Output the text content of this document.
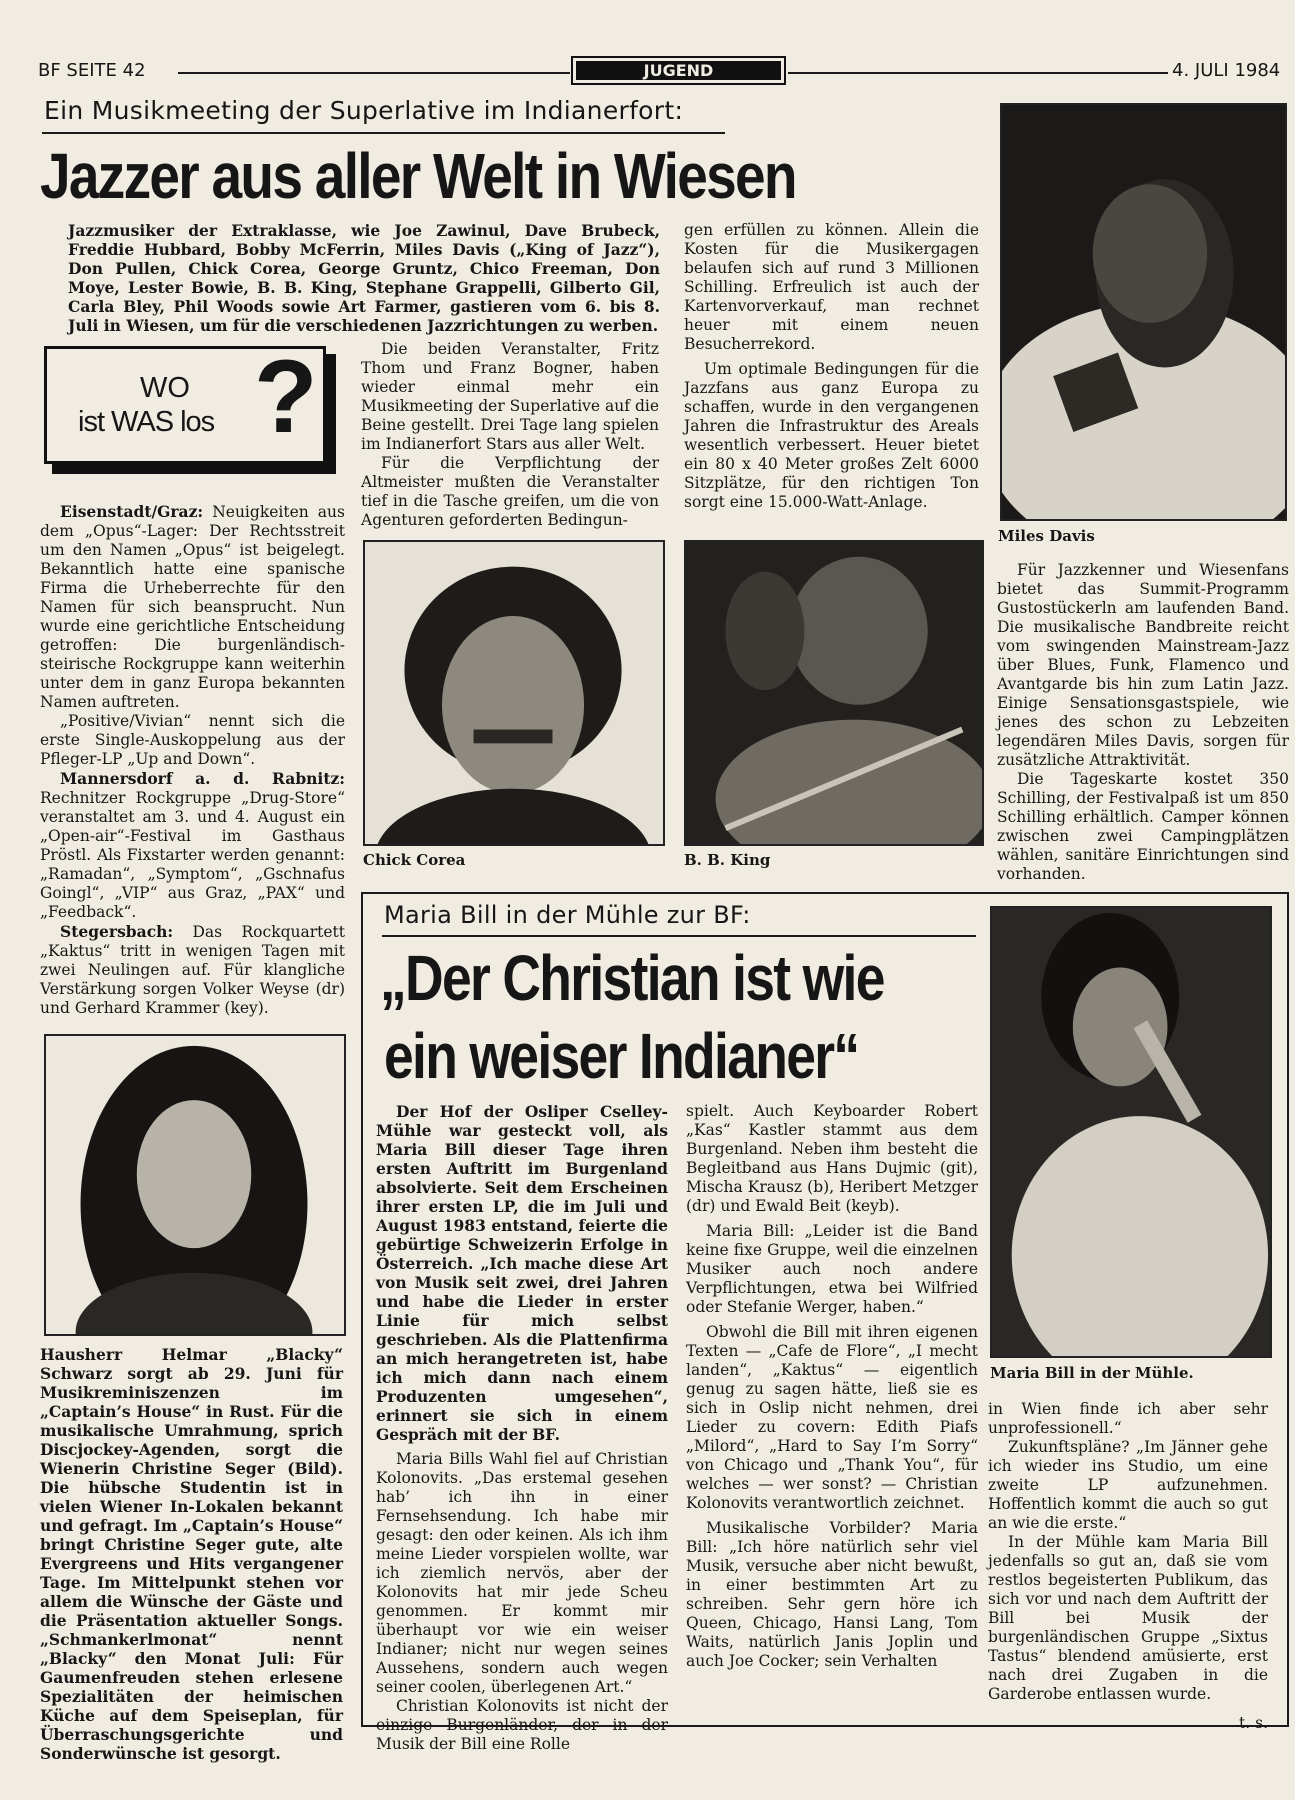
BF SEITE 42	JUGEND	4. JULI 1984
Ein Musikmeeting der Superlative im Indianerfort:
Jazzer aus aller Welt in Wiesen
Jazzmusiker der Extraklasse, wie Joe Zawinul, Dave Brubeck, Freddie Hubbard, Bobby McFerrin, Miles Davis („King of Jazz“), Don Pullen, Chick Corea, George Gruntz, Chico Freeman, Don Moye, Lester Bowie, B. B. King, Stephane Grappelli, Gilberto Gil, Carla Bley, Phil Woods sowie Art Farmer, gastieren vom 6. bis 8. Juli in Wiesen, um für die verschiedenen Jazzrichtungen zu werben.

Die beiden Veranstalter, Fritz Thom und Franz Bogner, haben wieder einmal mehr ein Musikmeeting der Superlative auf die Beine gestellt. Drei Tage lang spielen im Indianerfort Stars aus aller Welt.

Für die Verpflichtung der Altmeister mußten die Veranstalter tief in die Tasche greifen, um die von Agenturen geforderten Bedingun-

gen erfüllen zu können. Allein die Kosten für die Musikergagen belaufen sich auf rund 3 Millionen Schilling. Erfreulich ist auch der Kartenvorverkauf, man rechnet heuer mit einem neuen Besucherrekord.

Um optimale Bedingungen für die Jazzfans aus ganz Europa zu schaffen, wurde in den vergangenen Jahren die Infrastruktur des Areals wesentlich verbessert. Heuer bietet ein 80 x 40 Meter großes Zelt 6000 Sitzplätze, für den richtigen Ton sorgt eine 15.000-Watt-Anlage.

Miles Davis

Für Jazzkenner und Wiesenfans bietet das Summit-Programm Gustostückerln am laufenden Band. Die musikalische Bandbreite reicht vom swingenden Mainstream-Jazz über Blues, Funk, Flamenco und Avantgarde bis hin zum Latin Jazz. Einige Sensationsgastspiele, wie jenes des schon zu Lebzeiten legendären Miles Davis, sorgen für zusätzliche Attraktivität.

Die Tageskarte kostet 350 Schilling, der Festivalpaß ist um 850 Schilling erhältlich. Camper können zwischen zwei Campingplätzen wählen, sanitäre Einrichtungen sind vorhanden.

Chick Corea	B. B. King
WO
ist WAS los ?

Eisenstadt/Graz: Neuigkeiten aus dem „Opus“-Lager: Der Rechtsstreit um den Namen „Opus“ ist beigelegt. Bekanntlich hatte eine spanische Firma die Urheberrechte für den Namen für sich beansprucht. Nun wurde eine gerichtliche Entscheidung getroffen: Die burgenländisch-steirische Rockgruppe kann weiterhin unter dem in ganz Europa bekannten Namen auftreten.

„Positive/Vivian“ nennt sich die erste Single-Auskoppelung aus der Pfleger-LP „Up and Down“.

Mannersdorf a. d. Rabnitz: Rechnitzer Rockgruppe „Drug-Store“ veranstaltet am 3. und 4. August ein „Open-air“-Festival im Gasthaus Pröstl. Als Fixstarter werden genannt: „Ramadan“, „Symptom“, „Gschnafus Goingl“, „VIP“ aus Graz, „PAX“ und „Feedback“.

Stegersbach: Das Rockquartett „Kaktus“ tritt in wenigen Tagen mit zwei Neulingen auf. Für klangliche Verstärkung sorgen Volker Weyse (dr) und Gerhard Krammer (key).

Hausherr Helmar „Blacky“ Schwarz sorgt ab 29. Juni für Musikreminiszenzen im „Captain’s House“ in Rust. Für die musikalische Umrahmung, sprich Discjockey-Agenden, sorgt die Wienerin Christine Seger (Bild). Die hübsche Studentin ist in vielen Wiener In-Lokalen bekannt und gefragt. Im „Captain’s House“ bringt Christine Seger gute, alte Evergreens und Hits vergangener Tage. Im Mittelpunkt stehen vor allem die Wünsche der Gäste und die Präsentation aktueller Songs. „Schmankerlmonat“ nennt „Blacky“ den Monat Juli: Für Gaumenfreuden stehen erlesene Spezialitäten der heimischen Küche auf dem Speiseplan, für Überraschungsgerichte und Sonderwünsche ist gesorgt.
Maria Bill in der Mühle zur BF:
„Der Christian ist wie
ein weiser Indianer“

Der Hof der Osliper Cselley-Mühle war gesteckt voll, als Maria Bill dieser Tage ihren ersten Auftritt im Burgenland absolvierte. Seit dem Erscheinen ihrer ersten LP, die im Juli und August 1983 entstand, feierte die gebürtige Schweizerin Erfolge in Österreich. „Ich mache diese Art von Musik seit zwei, drei Jahren und habe die Lieder in erster Linie für mich selbst geschrieben. Als die Plattenfirma an mich herangetreten ist, habe ich mich dann nach einem Produzenten umgesehen“, erinnert sie sich in einem Gespräch mit der BF.

Maria Bills Wahl fiel auf Christian Kolonovits. „Das erstemal gesehen hab’ ich ihn in einer Fernsehsendung. Ich habe mir gesagt: den oder keinen. Als ich ihm meine Lieder vorspielen wollte, war ich ziemlich nervös, aber der Kolonovits hat mir jede Scheu genommen. Er kommt mir überhaupt vor wie ein weiser Indianer; nicht nur wegen seines Aussehens, sondern auch wegen seiner coolen, überlegenen Art.“

Christian Kolonovits ist nicht der einzige Burgenländer, der in der Musik der Bill eine Rolle

spielt. Auch Keyboarder Robert „Kas“ Kastler stammt aus dem Burgenland. Neben ihm besteht die Begleitband aus Hans Dujmic (git), Mischa Krausz (b), Heribert Metzger (dr) und Ewald Beit (keyb).

Maria Bill: „Leider ist die Band keine fixe Gruppe, weil die einzelnen Musiker auch noch andere Verpflichtungen, etwa bei Wilfried oder Stefanie Werger, haben.“

Obwohl die Bill mit ihren eigenen Texten — „Cafe de Flore“, „I mecht landen“, „Kaktus“ — eigentlich genug zu sagen hätte, ließ sie es sich in Oslip nicht nehmen, drei Lieder zu covern: Edith Piafs „Milord“, „Hard to Say I’m Sorry“ von Chicago und „Thank You“, für welches — wer sonst? — Christian Kolonovits verantwortlich zeichnet.

Musikalische Vorbilder? Maria Bill: „Ich höre natürlich sehr viel Musik, versuche aber nicht bewußt, in einer bestimmten Art zu schreiben. Sehr gern höre ich Queen, Chicago, Hansi Lang, Tom Waits, natürlich Janis Joplin und auch Joe Cocker; sein Verhalten

Maria Bill in der Mühle.

in Wien finde ich aber sehr unprofessionell.“

Zukunftspläne? „Im Jänner gehe ich wieder ins Studio, um eine zweite LP aufzunehmen. Hoffentlich kommt die auch so gut an wie die erste.“

In der Mühle kam Maria Bill jedenfalls so gut an, daß sie vom restlos begeisterten Publikum, das sich vor und nach dem Auftritt der Bill bei Musik der burgenländischen Gruppe „Sixtus Tastus“ blendend amüsierte, erst nach drei Zugaben in die Garderobe entlassen wurde.

t. s.
